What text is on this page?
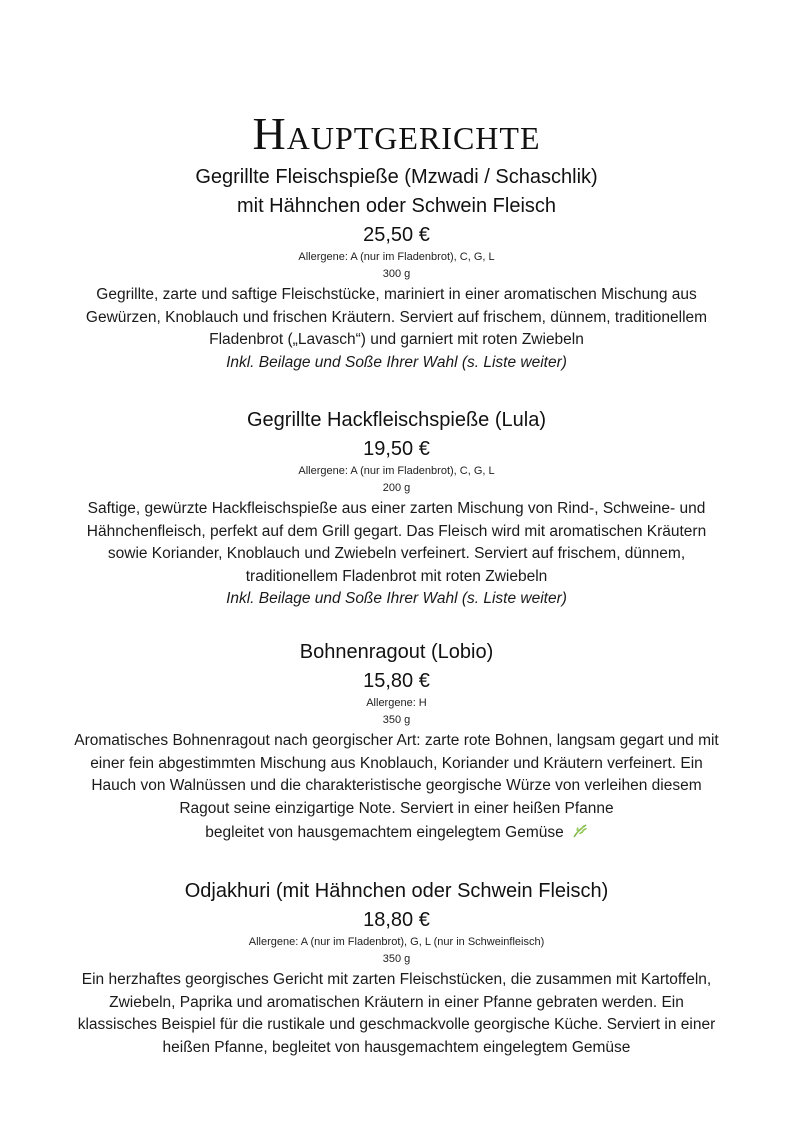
Hauptgerichte
Gegrillte Fleischspieße (Mzwadi / Schaschlik)
mit Hähnchen oder Schwein Fleisch
25,50 €
Allergene: A (nur im Fladenbrot), C, G, L
300 g
Gegrillte, zarte und saftige Fleischstücke, mariniert in einer aromatischen Mischung aus Gewürzen, Knoblauch und frischen Kräutern. Serviert auf frischem, dünnem, traditionellem Fladenbrot („Lavasch“) und garniert mit roten Zwiebeln
Inkl. Beilage und Soße Ihrer Wahl (s. Liste weiter)
Gegrillte Hackfleischspieße (Lula)
19,50 €
Allergene: A (nur im Fladenbrot), C, G, L
200 g
Saftige, gewürzte Hackfleischspieße aus einer zarten Mischung von Rind-, Schweine- und Hähnchenfleisch, perfekt auf dem Grill gegart. Das Fleisch wird mit aromatischen Kräutern sowie Koriander, Knoblauch und Zwiebeln verfeinert. Serviert auf frischem, dünnem, traditionellem Fladenbrot mit roten Zwiebeln
Inkl. Beilage und Soße Ihrer Wahl (s. Liste weiter)
Bohnenragout (Lobio)
15,80 €
Allergene: H
350 g
Aromatisches Bohnenragout nach georgischer Art: zarte rote Bohnen, langsam gegart und mit einer fein abgestimmten Mischung aus Knoblauch, Koriander und Kräutern verfeinert. Ein Hauch von Walnüssen und die charakteristische georgische Würze von verleihen diesem Ragout seine einzigartige Note. Serviert in einer heißen Pfanne
begleitet von hausgemachtem eingelegtem Gemüse
Odjakhuri (mit Hähnchen oder Schwein Fleisch)
18,80 €
Allergene: A (nur im Fladenbrot), G, L (nur in Schweinfleisch)
350 g
Ein herzhaftes georgisches Gericht mit zarten Fleischstücken, die zusammen mit Kartoffeln, Zwiebeln, Paprika und aromatischen Kräutern in einer Pfanne gebraten werden. Ein klassisches Beispiel für die rustikale und geschmackvolle georgische Küche. Serviert in einer heißen Pfanne, begleitet von hausgemachtem eingelegtem Gemüse
